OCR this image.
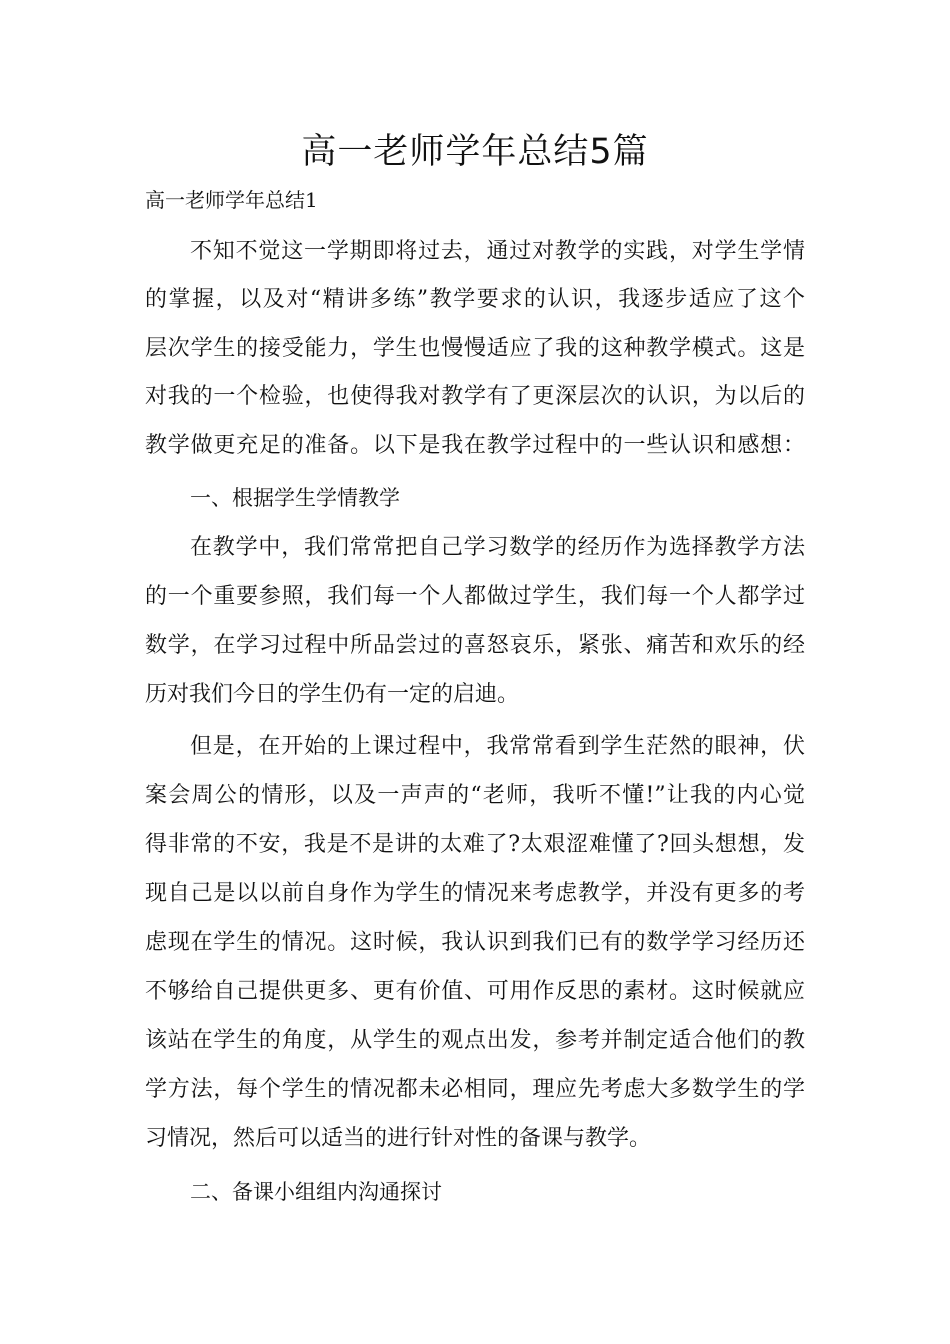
高一老师学年总结5篇

高一老师学年总结1

不知不觉这一学期即将过去，通过对教学的实践，对学生学情

的掌握，以及对“精讲多练”教学要求的认识，我逐步适应了这个

层次学生的接受能力，学生也慢慢适应了我的这种教学模式。这是

对我的一个检验，也使得我对教学有了更深层次的认识，为以后的

教学做更充足的准备。以下是我在教学过程中的一些认识和感想：

一、根据学生学情教学

在教学中，我们常常把自己学习数学的经历作为选择教学方法

的一个重要参照，我们每一个人都做过学生，我们每一个人都学过

数学，在学习过程中所品尝过的喜怒哀乐，紧张、痛苦和欢乐的经

历对我们今日的学生仍有一定的启迪。

但是，在开始的上课过程中，我常常看到学生茫然的眼神，伏

案会周公的情形，以及一声声的“老师，我听不懂!”让我的内心觉

得非常的不安，我是不是讲的太难了?太艰涩难懂了?回头想想，发

现自己是以以前自身作为学生的情况来考虑教学，并没有更多的考

虑现在学生的情况。这时候，我认识到我们已有的数学学习经历还

不够给自己提供更多、更有价值、可用作反思的素材。这时候就应

该站在学生的角度，从学生的观点出发，参考并制定适合他们的教

学方法，每个学生的情况都未必相同，理应先考虑大多数学生的学

习情况，然后可以适当的进行针对性的备课与教学。

二、备课小组组内沟通探讨
